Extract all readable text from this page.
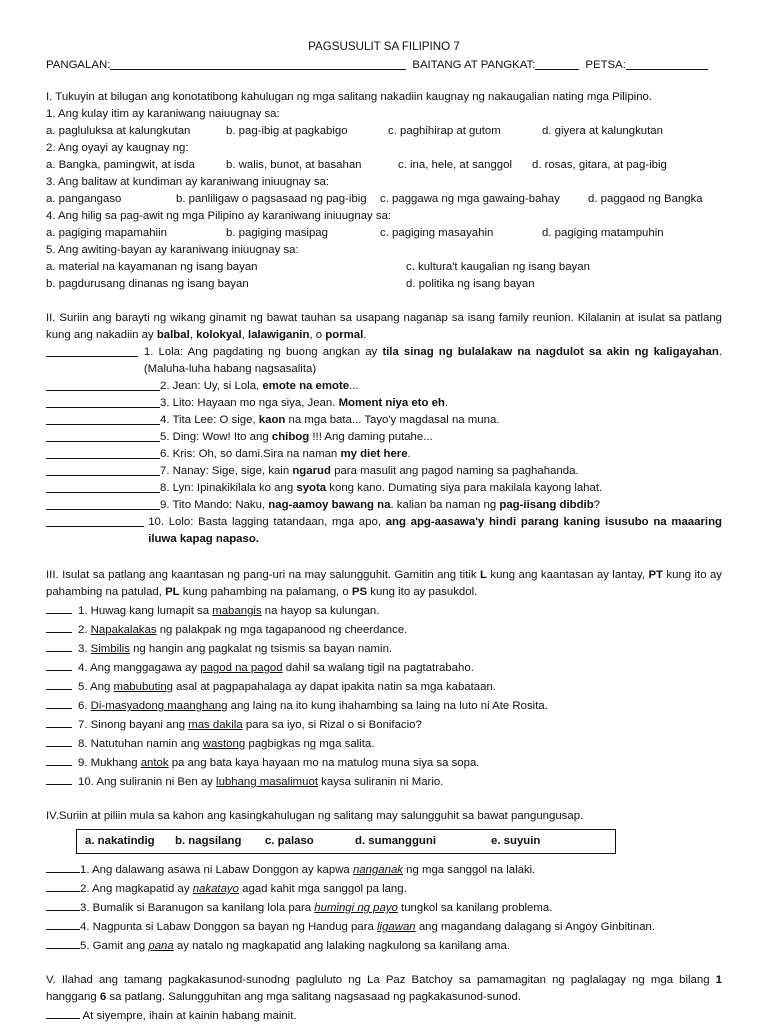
PAGSUSULIT SA FILIPINO 7
PANGALAN:	BAITANG AT PANGKAT:	PETSA:

I. Tukuyin at bilugan ang konotatibong kahulugan ng mga salitang nakadiin kaugnay ng nakaugalian nating mga Pilipino.

1. Ang kulay itim ay karaniwang naiuugnay sa:

a. pagluluksa at kalungkutan	b. pag-ibig at pagkabigo	c. paghihirap at gutom	d. giyera at kalungkutan

2. Ang oyayi ay kaugnay ng:

a. Bangka, pamingwit, at isda	b. walis, bunot, at basahan	c. ina, hele, at sanggol	d. rosas, gitara, at pag-ibig

3. Ang balitaw at kundiman ay karaniwang iniuugnay sa:

a. pangangaso	b. panliligaw o pagsasaad ng pag-ibig	c. paggawa ng mga gawaing-bahay	d. paggaod ng Bangka

4. Ang hilig sa pag-awit ng mga Pilipino ay karaniwang iniuugnay sa:

a. pagiging mapamahiin	b. pagiging masipag	c. pagiging masayahin	d. pagiging matampuhin

5. Ang awiting-bayan ay karaniwang iniuugnay sa:

a. material na kayamanan ng isang bayan	c. kultura't kaugalian ng isang bayan
b. pagdurusang dinanas ng isang bayan	d. politika ng isang bayan

II. Suriin ang barayti ng wikang ginamit ng bawat tauhan sa usapang naganap sa isang family reunion. Kilalanin at isulat sa patlang kung ang nakadiin ay balbal, kolokyal, lalawiganin, o pormal.

1. Lola: Ang pagdating ng buong angkan ay tila sinag ng bulalakaw na nagdulot sa akin ng kaligayahan.(Maluha-luha habang nagsasalita)
2. Jean: Uy, si Lola, emote na emote...
3. Lito: Hayaan mo nga siya, Jean. Moment niya eto eh.
4. Tita Lee: O sige, kaon na mga bata... Tayo'y magdasal na muna.
5. Ding: Wow! Ito ang chibog !!! Ang daming putahe...
6. Kris: Oh, so dami.Sira na naman my diet here.
7. Nanay: Sige, sige, kain ngarud para masulit ang pagod naming sa paghahanda.
8. Lyn: Ipinakikilala ko ang syota kong kano. Dumating siya para makilala kayong lahat.
9. Tito Mando: Naku, nag-aamoy bawang na. kalian ba naman ng pag-iisang dibdib?
10. Lolo: Basta lagging tatandaan, mga apo, ang apg-aasawa'y hindi parang kaning isusubo na maaaring iluwa kapag napaso.

III. Isulat sa patlang ang kaantasan ng pang-uri na may salungguhit. Gamitin ang titik L kung ang kaantasan ay lantay, PT kung ito ay pahambing na patulad, PL kung pahambing na palamang, o PS kung ito ay pasukdol.

1. Huwag kang lumapit sa mabangis na hayop sa kulungan.
2. Napakalakas ng palakpak ng mga tagapanood ng cheerdance.
3. Simbilis ng hangin ang pagkalat ng tsismis sa bayan namin.
4. Ang manggagawa ay pagod na pagod dahil sa walang tigil na pagtatrabaho.
5. Ang mabubuting asal at pagpapahalaga ay dapat ipakita natin sa mga kabataan.
6. Di-masyadong maanghang ang laing na ito kung ihahambing sa laing na luto ni Ate Rosita.
7. Sinong bayani ang mas dakila para sa iyo, si Rizal o si Bonifacio?
8. Natutuhan namin ang wastong pagbigkas ng mga salita.
9. Mukhang antok pa ang bata kaya hayaan mo na matulog muna siya sa sopa.
10. Ang suliranin ni Ben ay lubhang masalimuot kaysa suliranin ni Mario.

IV.Suriin at piliin mula sa kahon ang kasingkahulugan ng salitang may salungguhit sa bawat pangungusap.

a. nakatindig	b. nagsilang	c. palaso	d. sumangguni	e. suyuin
1. Ang dalawang asawa ni Labaw Donggon ay kapwa nanganak ng mga sanggol na lalaki.
2. Ang magkapatid ay nakatayo agad kahit mga sanggol pa lang.
3. Bumalik si Baranugon sa kanilang lola para humingi ng payo tungkol sa kanilang problema.
4. Nagpunta si Labaw Donggon sa bayan ng Handug para ligawan ang magandang dalagang si Angoy Ginbitinan.
5. Gamit ang pana ay natalo ng magkapatid ang lalaking nagkulong sa kanilang ama.

V. Ilahad ang tamang pagkakasunod-sunodng pagluluto ng La Paz Batchoy sa pamamagitan ng paglalagay ng mga bilang 1 hanggang 6 sa patlang. Salungguhitan ang mga salitang nagsasaad ng pagkakasunod-sunod.

At siyempre, ihain at kainin habang mainit.
